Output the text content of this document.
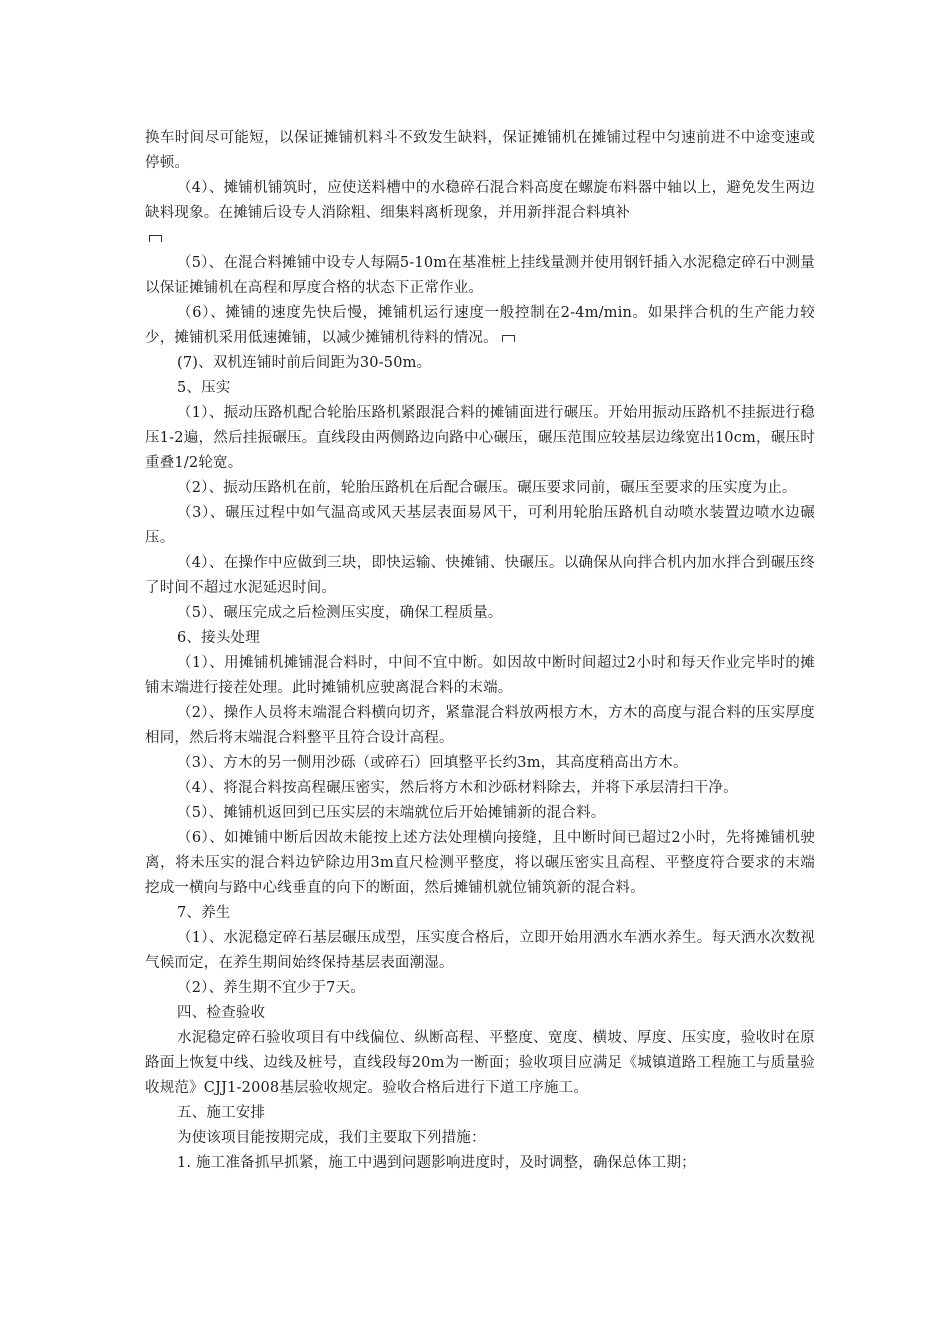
换车时间尽可能短，以保证摊铺机料斗不致发生缺料，保证摊铺机在摊铺过程中匀速前进不中途变速或停顿。

（4）、摊铺机铺筑时，应使送料槽中的水稳碎石混合料高度在螺旋布料器中轴以上，避免发生两边缺料现象。在摊铺后设专人消除粗、细集料离析现象，并用新拌混合料填补

（5）、在混合料摊铺中设专人每隔5-10m在基准桩上挂线量测并使用钢钎插入水泥稳定碎石中测量以保证摊铺机在高程和厚度合格的状态下正常作业。

（6）、摊铺的速度先快后慢，摊铺机运行速度一般控制在2-4m/min。如果拌合机的生产能力较少，摊铺机采用低速摊铺，以减少摊铺机待料的情况。

(7)、双机连铺时前后间距为30-50m。

5、压实

（1）、振动压路机配合轮胎压路机紧跟混合料的摊铺面进行碾压。开始用振动压路机不挂振进行稳压1-2遍，然后挂振碾压。直线段由两侧路边向路中心碾压，碾压范围应较基层边缘宽出10cm，碾压时重叠1/2轮宽。

（2）、振动压路机在前，轮胎压路机在后配合碾压。碾压要求同前，碾压至要求的压实度为止。

（3）、碾压过程中如气温高或风天基层表面易风干，可利用轮胎压路机自动喷水装置边喷水边碾压。

（4）、在操作中应做到三块，即快运输、快摊铺、快碾压。以确保从向拌合机内加水拌合到碾压终了时间不超过水泥延迟时间。

（5）、碾压完成之后检测压实度，确保工程质量。

6、接头处理

（1）、用摊铺机摊铺混合料时，中间不宜中断。如因故中断时间超过2小时和每天作业完毕时的摊铺末端进行接茬处理。此时摊铺机应驶离混合料的末端。

（2）、操作人员将末端混合料横向切齐，紧靠混合料放两根方木，方木的高度与混合料的压实厚度相同，然后将末端混合料整平且符合设计高程。

（3）、方木的另一侧用沙砾（或碎石）回填整平长约3m，其高度稍高出方木。

（4）、将混合料按高程碾压密实，然后将方木和沙砾材料除去，并将下承层清扫干净。

（5）、摊铺机返回到已压实层的末端就位后开始摊铺新的混合料。

（6）、如摊铺中断后因故未能按上述方法处理横向接缝，且中断时间已超过2小时，先将摊铺机驶离，将未压实的混合料边铲除边用3m直尺检测平整度，将以碾压密实且高程、平整度符合要求的末端挖成一横向与路中心线垂直的向下的断面，然后摊铺机就位铺筑新的混合料。

7、养生

（1）、水泥稳定碎石基层碾压成型，压实度合格后，立即开始用洒水车洒水养生。每天洒水次数视气候而定，在养生期间始终保持基层表面潮湿。

（2）、养生期不宜少于7天。

四、检查验收

水泥稳定碎石验收项目有中线偏位、纵断高程、平整度、宽度、横坡、厚度、压实度，验收时在原路面上恢复中线、边线及桩号，直线段每20m为一断面；验收项目应满足《城镇道路工程施工与质量验收规范》CJJ1-2008基层验收规定。验收合格后进行下道工序施工。

五、施工安排

为使该项目能按期完成，我们主要取下列措施：

1. 施工准备抓早抓紧，施工中遇到问题影响进度时，及时调整，确保总体工期；
